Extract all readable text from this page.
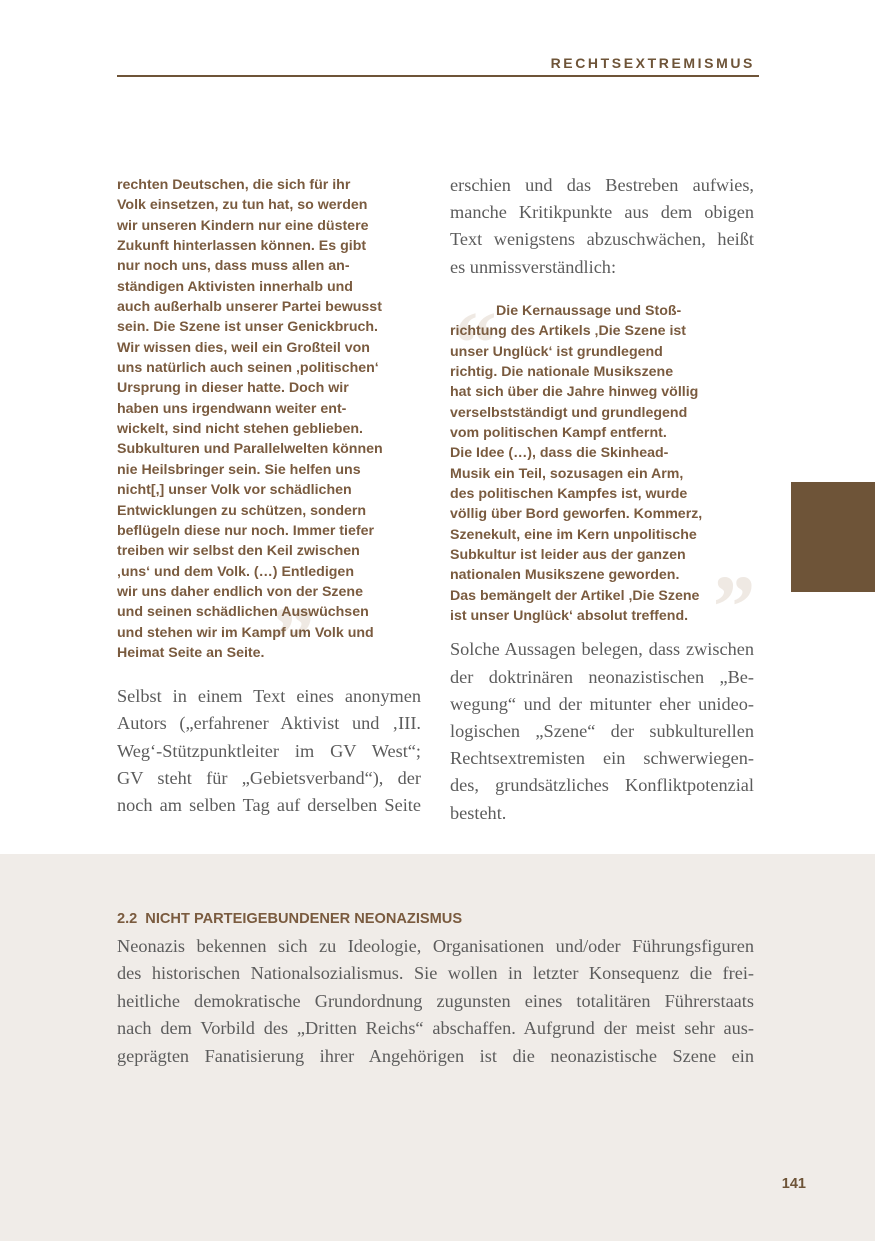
RECHTSEXTREMISMUS
”
rechten Deutschen, die sich für ihr
Volk einsetzen, zu tun hat, so werden
wir unseren Kindern nur eine düstere
Zukunft hinterlassen können. Es gibt
nur noch uns, dass muss allen an-
ständigen Aktivisten innerhalb und
auch außerhalb unserer Partei bewusst
sein. Die Szene ist unser Genickbruch.
Wir wissen dies, weil ein Großteil von
uns natürlich auch seinen ‚politischen‘
Ursprung in dieser hatte. Doch wir
haben uns irgendwann weiter ent-
wickelt, sind nicht stehen geblieben.
Subkulturen und Parallelwelten können
nie Heilsbringer sein. Sie helfen uns
nicht[,] unser Volk vor schädlichen
Entwicklungen zu schützen, sondern
beflügeln diese nur noch. Immer tiefer
treiben wir selbst den Keil zwischen
‚uns‘ und dem Volk. (…) Entledigen
wir uns daher endlich von der Szene
und seinen schädlichen Auswüchsen
und stehen wir im Kampf um Volk und
Heimat Seite an Seite.
Selbst in einem Text eines anonymen
Autors („erfahrener Aktivist und ‚III.
Weg‘-Stützpunktleiter im GV West“;
GV steht für „Gebietsverband“), der
noch am selben Tag auf derselben Seite
erschien und das Bestreben aufwies,
manche Kritikpunkte aus dem obigen
Text wenigstens abzuschwächen, heißt
es unmissverständlich:
“
”
Die Kernaussage und Stoß-
richtung des Artikels ‚Die Szene ist
unser Unglück‘ ist grundlegend
richtig. Die nationale Musikszene
hat sich über die Jahre hinweg völlig
verselbstständigt und grundlegend
vom politischen Kampf entfernt.
Die Idee (…), dass die Skinhead-
Musik ein Teil, sozusagen ein Arm,
des politischen Kampfes ist, wurde
völlig über Bord geworfen. Kommerz,
Szenekult, eine im Kern unpolitische
Subkultur ist leider aus der ganzen
nationalen Musikszene geworden.
Das bemängelt der Artikel ‚Die Szene
ist unser Unglück‘ absolut treffend.
Solche Aussagen belegen, dass zwischen
der doktrinären neonazistischen „Be-
wegung“ und der mitunter eher unideo-
logischen „Szene“ der subkulturellen
Rechtsextremisten ein schwerwiegen-
des, grundsätzliches Konfliktpotenzial
besteht.
2.2 NICHT PARTEIGEBUNDENER NEONAZISMUS
Neonazis bekennen sich zu Ideologie, Organisationen und/oder Führungsfiguren
des historischen Nationalsozialismus. Sie wollen in letzter Konsequenz die frei-
heitliche demokratische Grundordnung zugunsten eines totalitären Führerstaats
nach dem Vorbild des „Dritten Reichs“ abschaffen. Aufgrund der meist sehr aus-
geprägten Fanatisierung ihrer Angehörigen ist die neonazistische Szene ein
141
